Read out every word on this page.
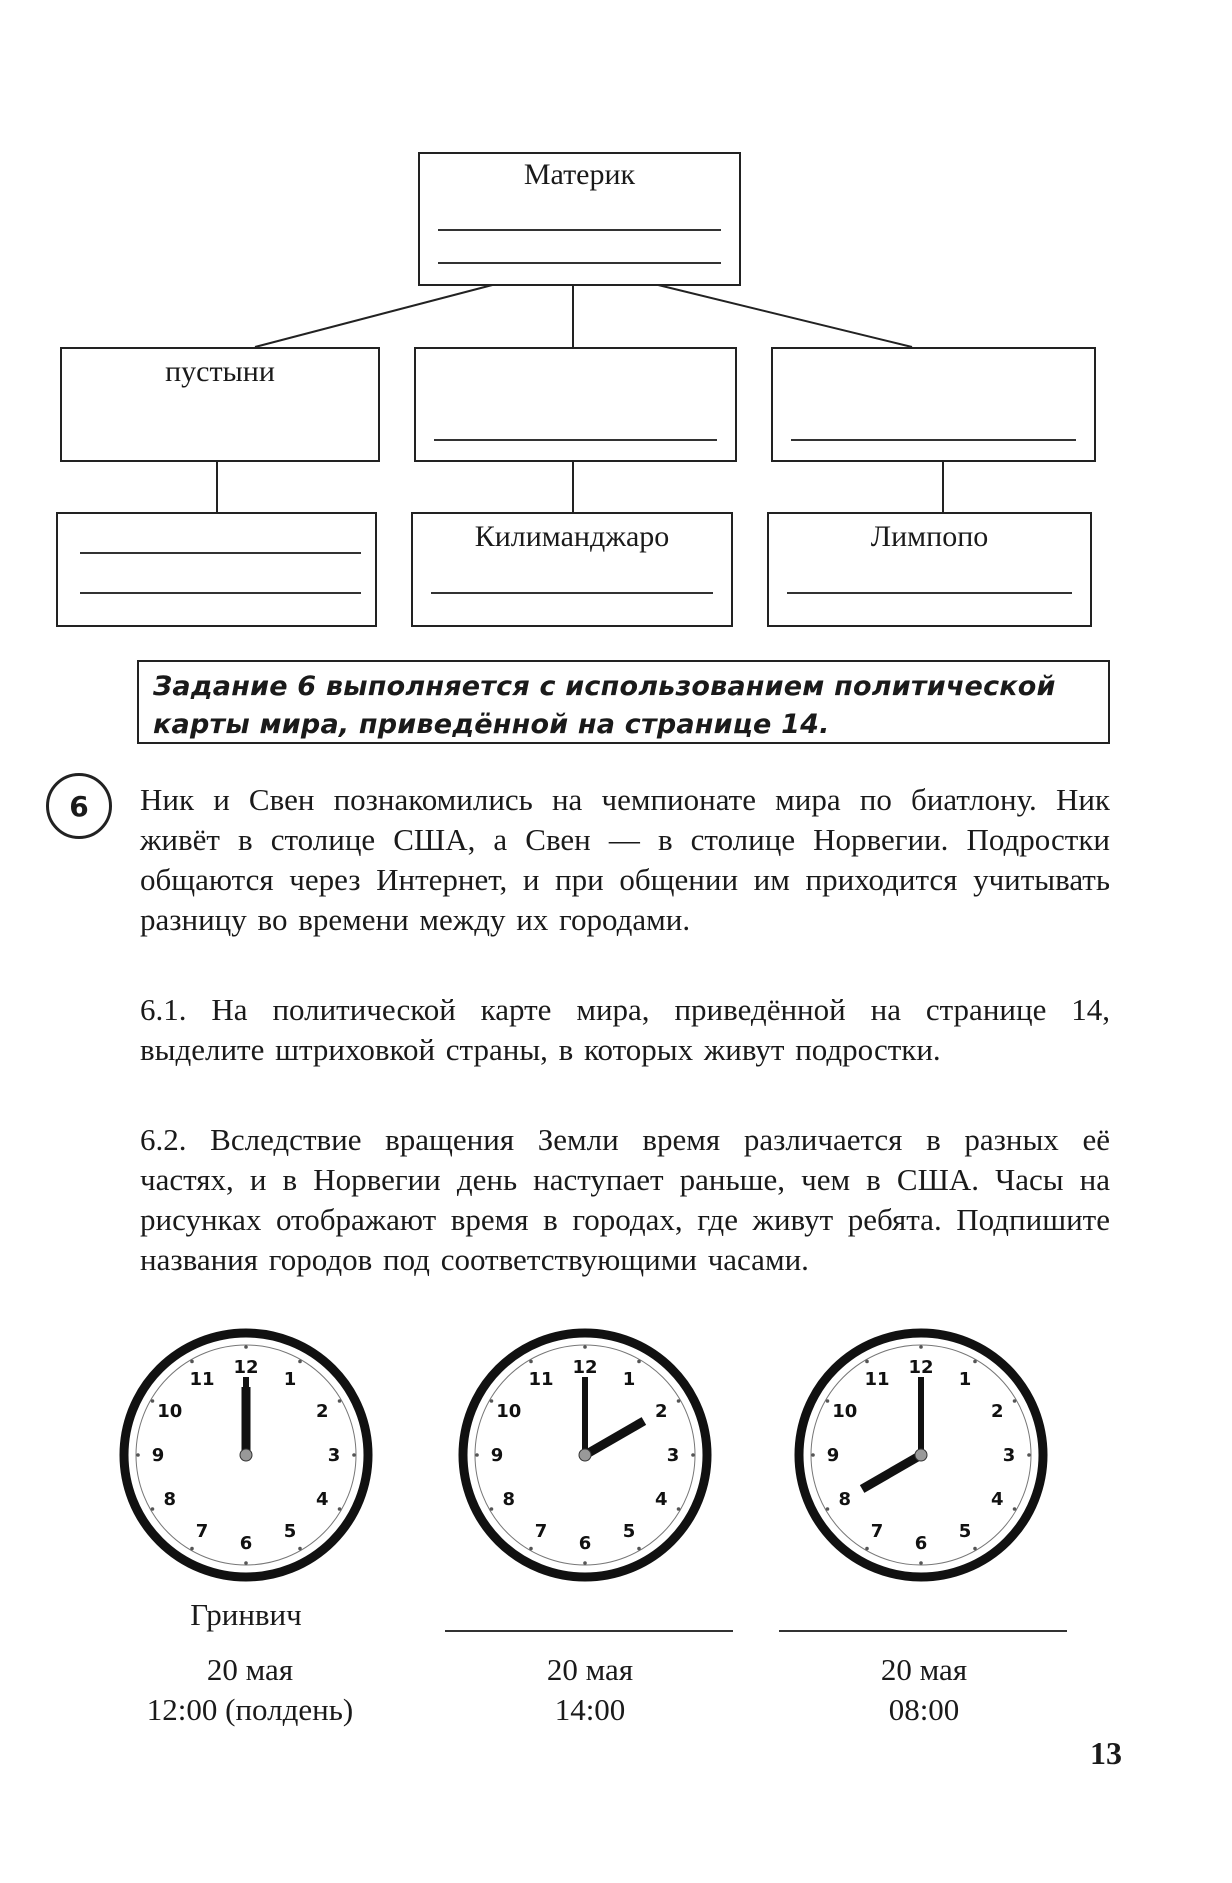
Материк
пустыни
Килиманджаро	Лимпопо
Задание 6 выполняется с использованием политической карты мира, приведённой на странице 14.
6 Ник и Свен познакомились на чемпионате мира по биатлону. Ник живёт в столице США, а Свен — в столице Норвегии. Подростки общаются через Интернет, и при общении им приходится учитывать разницу во времени между их городами.
6.1. На политической карте мира, приведённой на странице 14, выделите штриховкой страны, в которых живут подростки.
6.2. Вследствие вращения Земли время различается в разных её частях, и в Норвегии день наступает раньше, чем в США. Часы на рисунках отображают время в городах, где живут ребята. Подпишите названия городов под соответствующими часами.
12
1
2
3
4
5
6
7
8
9
10
11
12
1
2
3
4
5
6
7
8
9
10
11
12
1
2
3
4
5
6
7
8
9
10
11
Гринвич
20 мая
12:00 (полдень)
20 мая
14:00
20 мая
08:00
13
